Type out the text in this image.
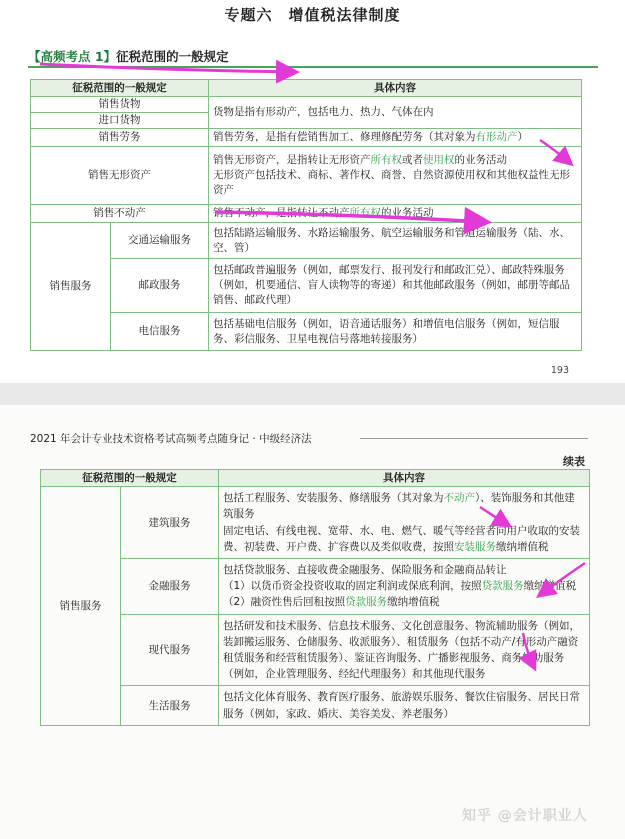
专题六　增值税法律制度
【高频考点 1】征税范围的一般规定
征税范围的一般规定		具体内容
销售货物		货物是指有形动产，包括电力、热力、气体在内
进口货物		
销售劳务		销售劳务，是指有偿销售加工、修理修配劳务（其对象为有形动产）
销售无形资产		销售无形资产，是指转让无形资产所有权或者使用权的业务活动
无形资产包括技术、商标、著作权、商誉、自然资源使用权和其他权益性无形资产
销售不动产		销售不动产，是指转让不动产所有权的业务活动
销售服务	交通运输服务	包括陆路运输服务、水路运输服务、航空运输服务和管道运输服务（陆、水、空、管）
	邮政服务	包括邮政普遍服务（例如，邮票发行、报刊发行和邮政汇兑）、邮政特殊服务（例如，机要通信、盲人读物等的寄递）和其他邮政服务（例如，邮册等邮品销售、邮政代理）
	电信服务	包括基础电信服务（例如，语音通话服务）和增值电信服务（例如，短信服务、彩信服务、卫星电视信号落地转接服务）
193
2021 年会计专业技术资格考试高频考点随身记 · 中级经济法
续表
征税范围的一般规定		具体内容
销售服务	建筑服务	包括工程服务、安装服务、修缮服务（其对象为不动产）、装饰服务和其他建筑服务
固定电话、有线电视、宽带、水、电、燃气、暖气等经营者向用户收取的安装费、初装费、开户费、扩容费以及类似收费，按照安装服务缴纳增值税
	金融服务	包括贷款服务、直接收费金融服务、保险服务和金融商品转让
（1）以货币资金投资收取的固定利润或保底利润，按照贷款服务缴纳增值税
（2）融资性售后回租按照贷款服务缴纳增值税
	现代服务	包括研发和技术服务、信息技术服务、文化创意服务、物流辅助服务（例如，装卸搬运服务、仓储服务、收派服务）、租赁服务（包括不动产/有形动产融资租赁服务和经营租赁服务）、鉴证咨询服务、广播影视服务、商务辅助服务（例如，企业管理服务、经纪代理服务）和其他现代服务
	生活服务	包括文化体育服务、教育医疗服务、旅游娱乐服务、餐饮住宿服务、居民日常服务（例如，家政、婚庆、美容美发、养老服务）
知乎 @会计职业人
